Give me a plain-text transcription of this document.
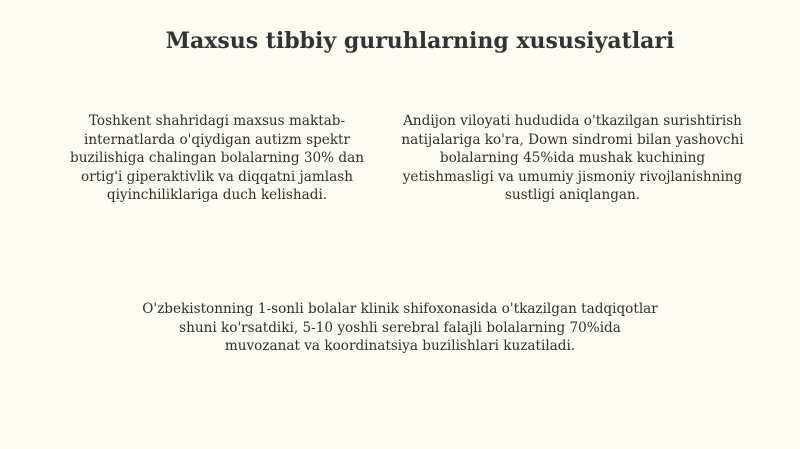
Maxsus tibbiy guruhlarning xususiyatlari

Toshkent shahridagi maxsus maktab-internatlarda o'qiydigan autizm spektr buzilishiga chalingan bolalarning 30% dan ortig'i giperaktivlik va diqqatni jamlash qiyinchiliklariga duch kelishadi.

Andijon viloyati hududida o'tkazilgan surishtirish natijalariga ko'ra, Down sindromi bilan yashovchi bolalarning 45%ida mushak kuchining yetishmasligi va umumiy jismoniy rivojlanishning sustligi aniqlangan.

O'zbekistonning 1-sonli bolalar klinik shifoxonasida o'tkazilgan tadqiqotlar shuni ko'rsatdiki, 5-10 yoshli serebral falajli bolalarning 70%ida muvozanat va koordinatsiya buzilishlari kuzatiladi.
